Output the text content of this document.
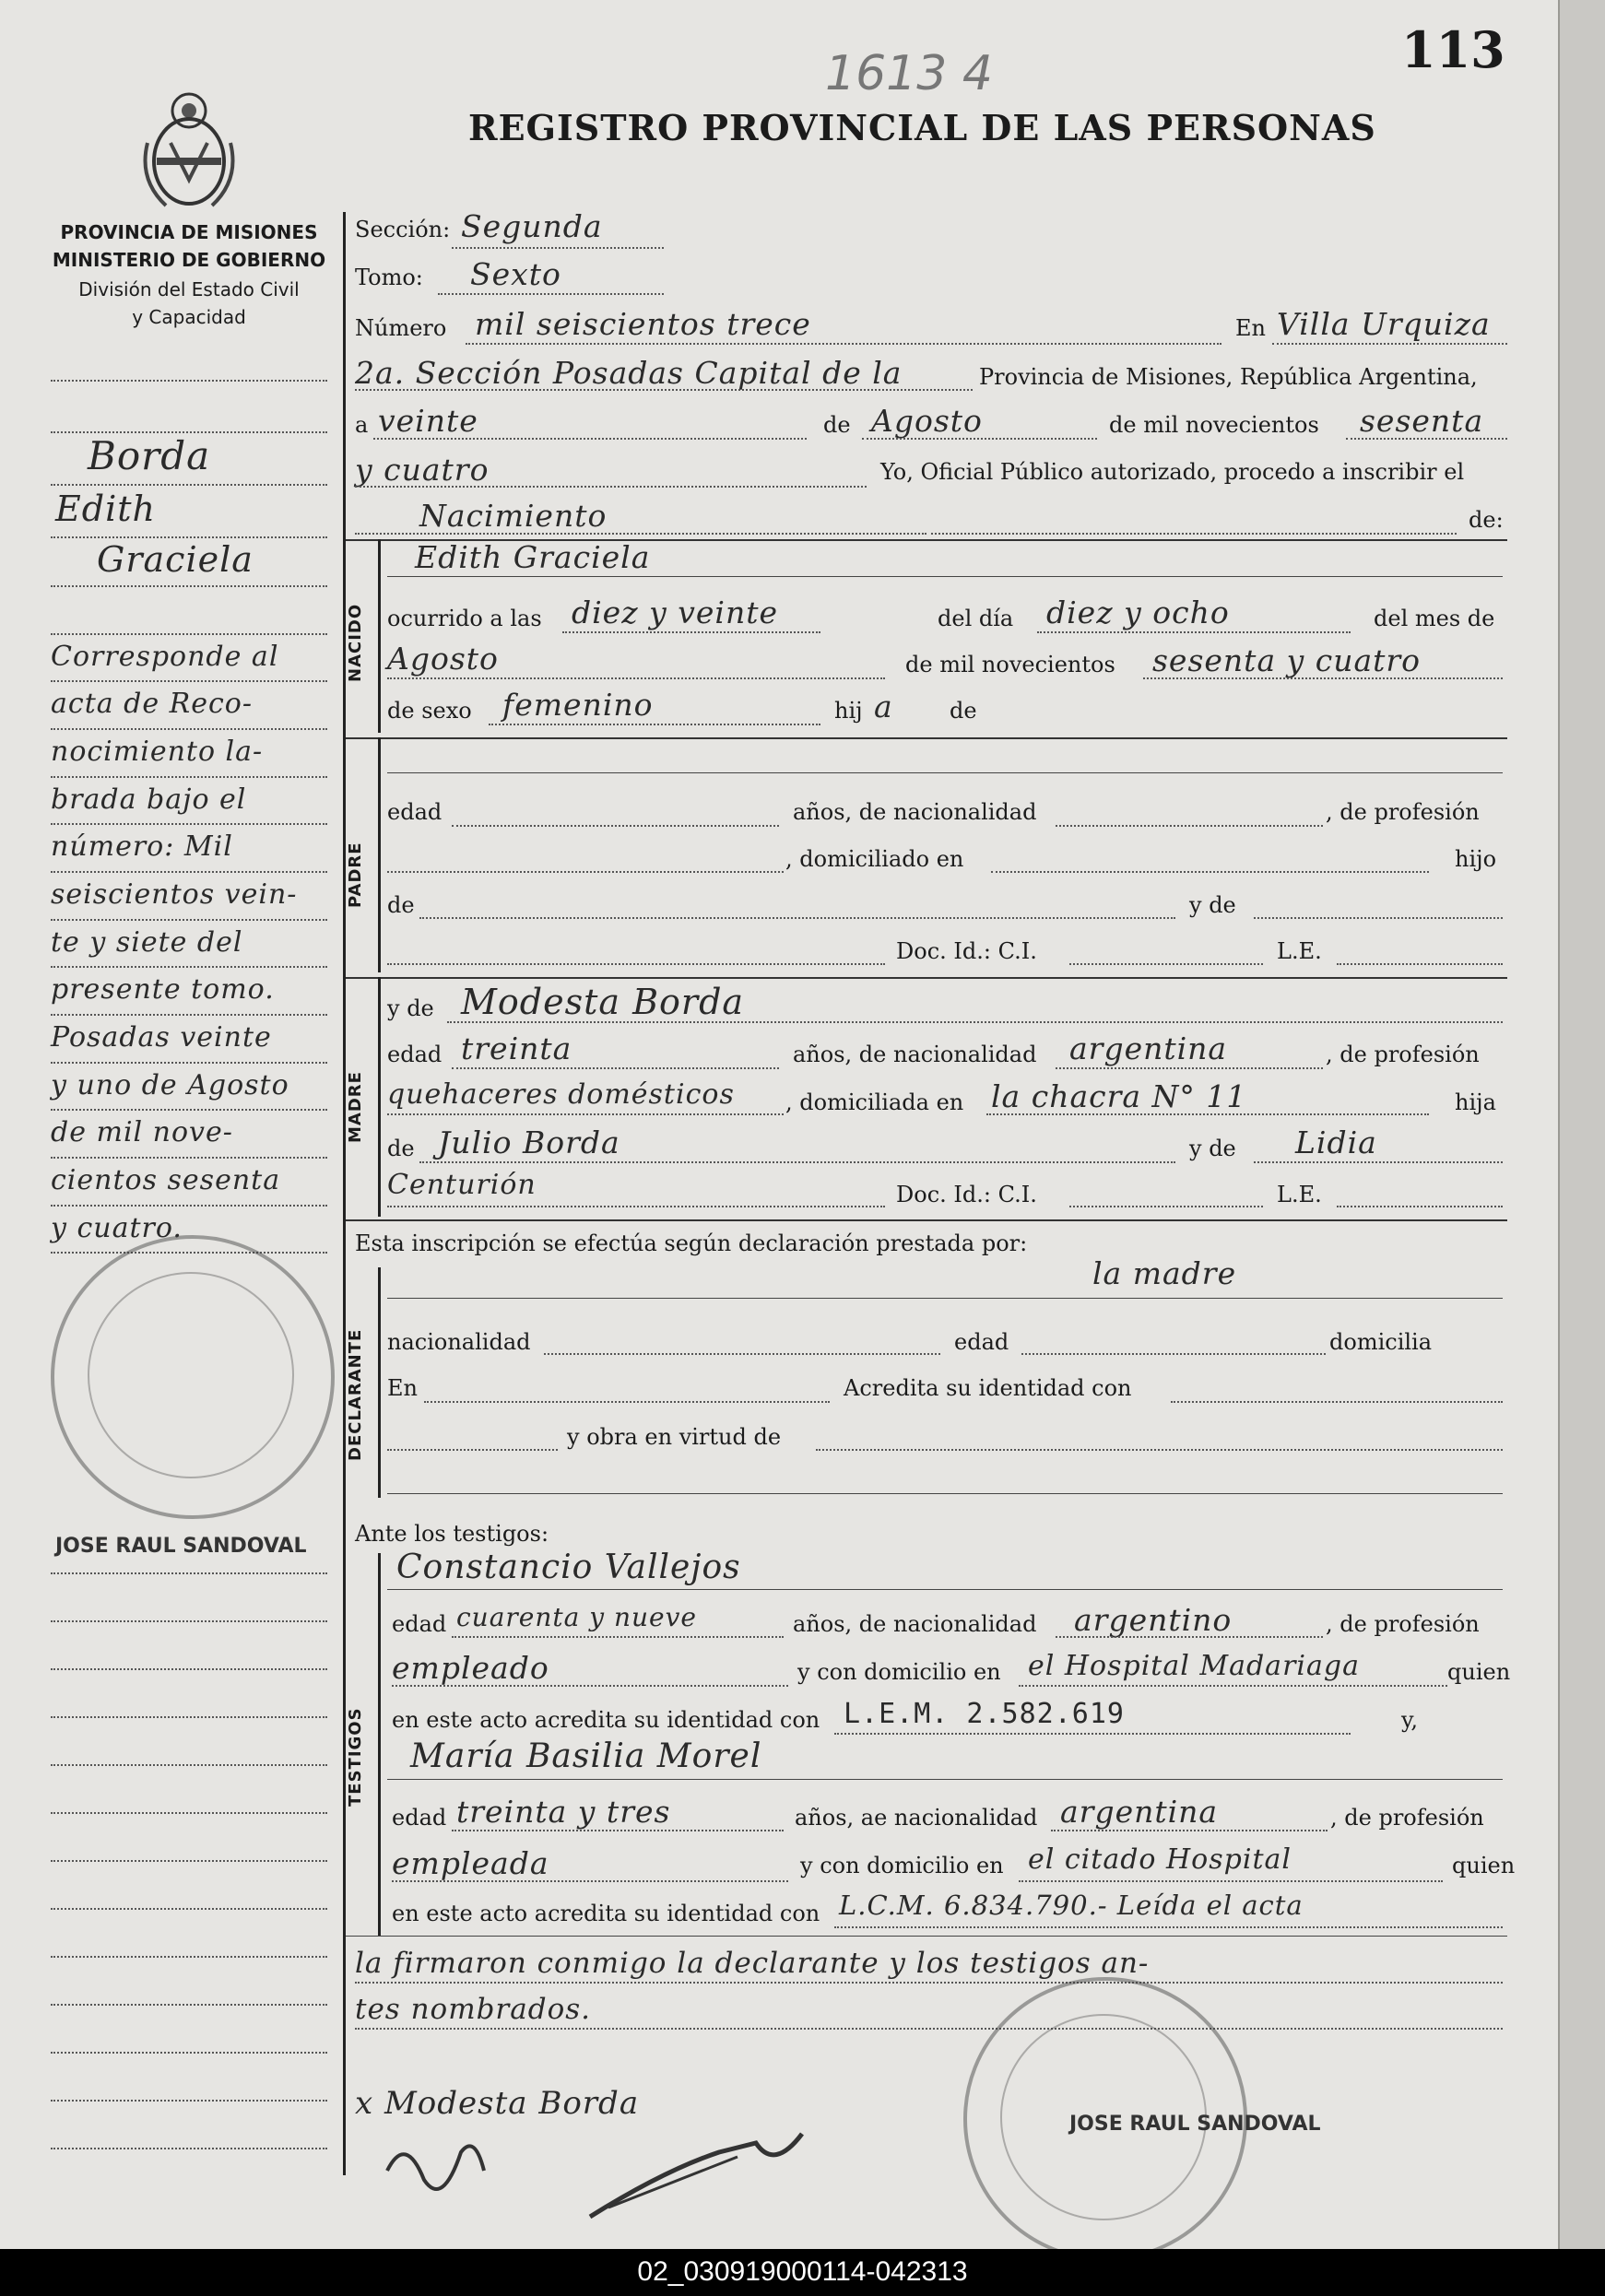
113
1613 4
REGISTRO PROVINCIAL DE LAS PERSONAS
PROVINCIA DE MISIONES
MINISTERIO DE GOBIERNO
División del Estado Civil
y Capacidad
Borda
Edith
Graciela
Corresponde al
acta de Reco-
nocimiento la-
brada bajo el
número: Mil
seiscientos vein-
te y siete del
presente tomo.
Posadas veinte
y uno de Agosto
de mil nove-
cientos sesenta
y cuatro.
JOSE RAUL SANDOVAL
Sección: Segunda
Tomo: Sexto
Número mil seiscientos trece	En Villa Urquiza
2a. Sección Posadas Capital de la	Provincia de Misiones, República Argentina,
a veinte	de Agosto	de mil novecientos sesenta
y cuatro	Yo, Oficial Público autorizado, procedo a inscribir el
Nacimiento	de:
NACIDO
Edith Graciela
ocurrido a las diez y veinte	del día diez y ocho	del mes de
Agosto	de mil novecientos sesenta y cuatro
de sexo femenino	hij a	de
PADRE
edad	años, de nacionalidad	, de profesión
, domiciliado en	hijo
de	y de
Doc. Id.: C.I.	L.E.
MADRE
y de Modesta Borda
edad treinta	años, de nacionalidad argentina	, de profesión
quehaceres domésticos , domiciliada en la chacra N° 11	hija
de Julio Borda	y de Lidia
Centurión	Doc. Id.: C.I.	L.E.
Esta inscripción se efectúa según declaración prestada por:
DECLARANTE
la madre
nacionalidad	edad	domicilia
En	Acredita su identidad con
y obra en virtud de
Ante los testigos:
TESTIGOS
Constancio Vallejos
edad cuarenta y nueve	años, de nacionalidad argentino	, de profesión
empleado	y con domicilio en el Hospital Madariaga	quien
en este acto acredita su identidad con L.E.M. 2.582.619	y,
María Basilia Morel
edad treinta y tres	años, ae nacionalidad argentina	, de profesión
empleada	y con domicilio en el citado Hospital	quien
en este acto acredita su identidad con L.C.M. 6.834.790.- Leída el acta
la firmaron conmigo la declarante y los testigos an-
tes nombrados.
x Modesta Borda
JOSE RAUL SANDOVAL
02_030919000114-042313
